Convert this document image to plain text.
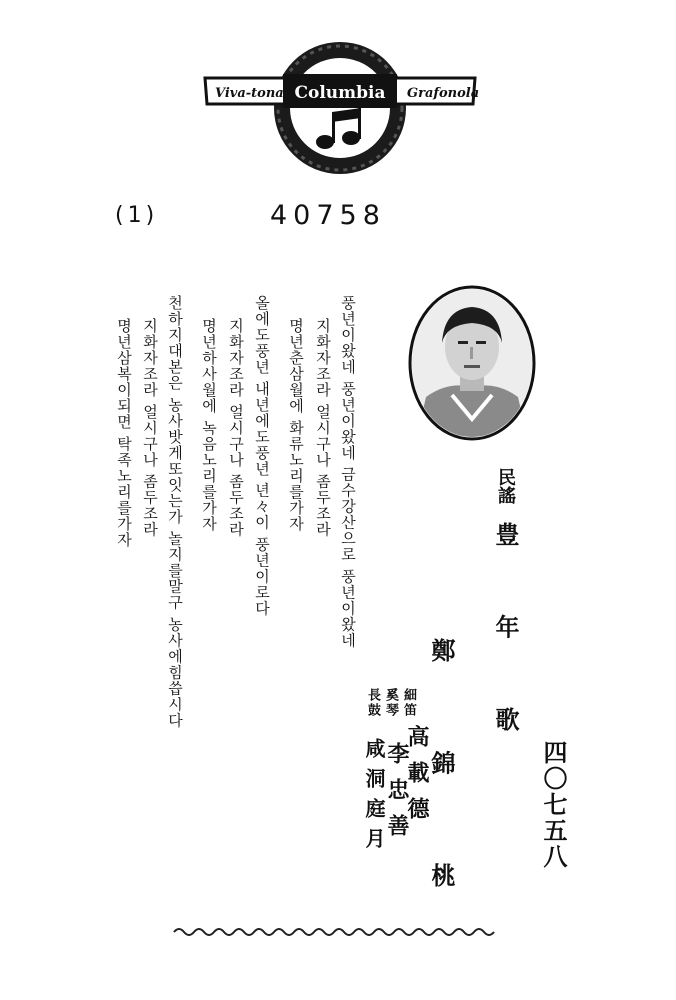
Viva-tonal Columbia Grafonola
(1)	40758
풍년이왔네 풍년이왔네 금수강산으로 풍년이왔네
지화자조라 얼시구나 좀두조라
명년춘삼월에 화류노리를가자
올에도풍년 내년에도풍년 년々이 풍년이로다
지화자조라 얼시구나 좀두조라
명년하사월에 녹음노리를가자
천하지대본은 농사밧게또잇는가 놀지를말구 농사에힘씁시다
지화자조라 얼시구나 좀두조라
명년삼복이되면 탁족노리를가자	民謠
豊 年 歌
鄭 錦 桃
細
笛
高載德
奚
琴
李忠善
長
鼓
咸洞庭月	四〇七五八
